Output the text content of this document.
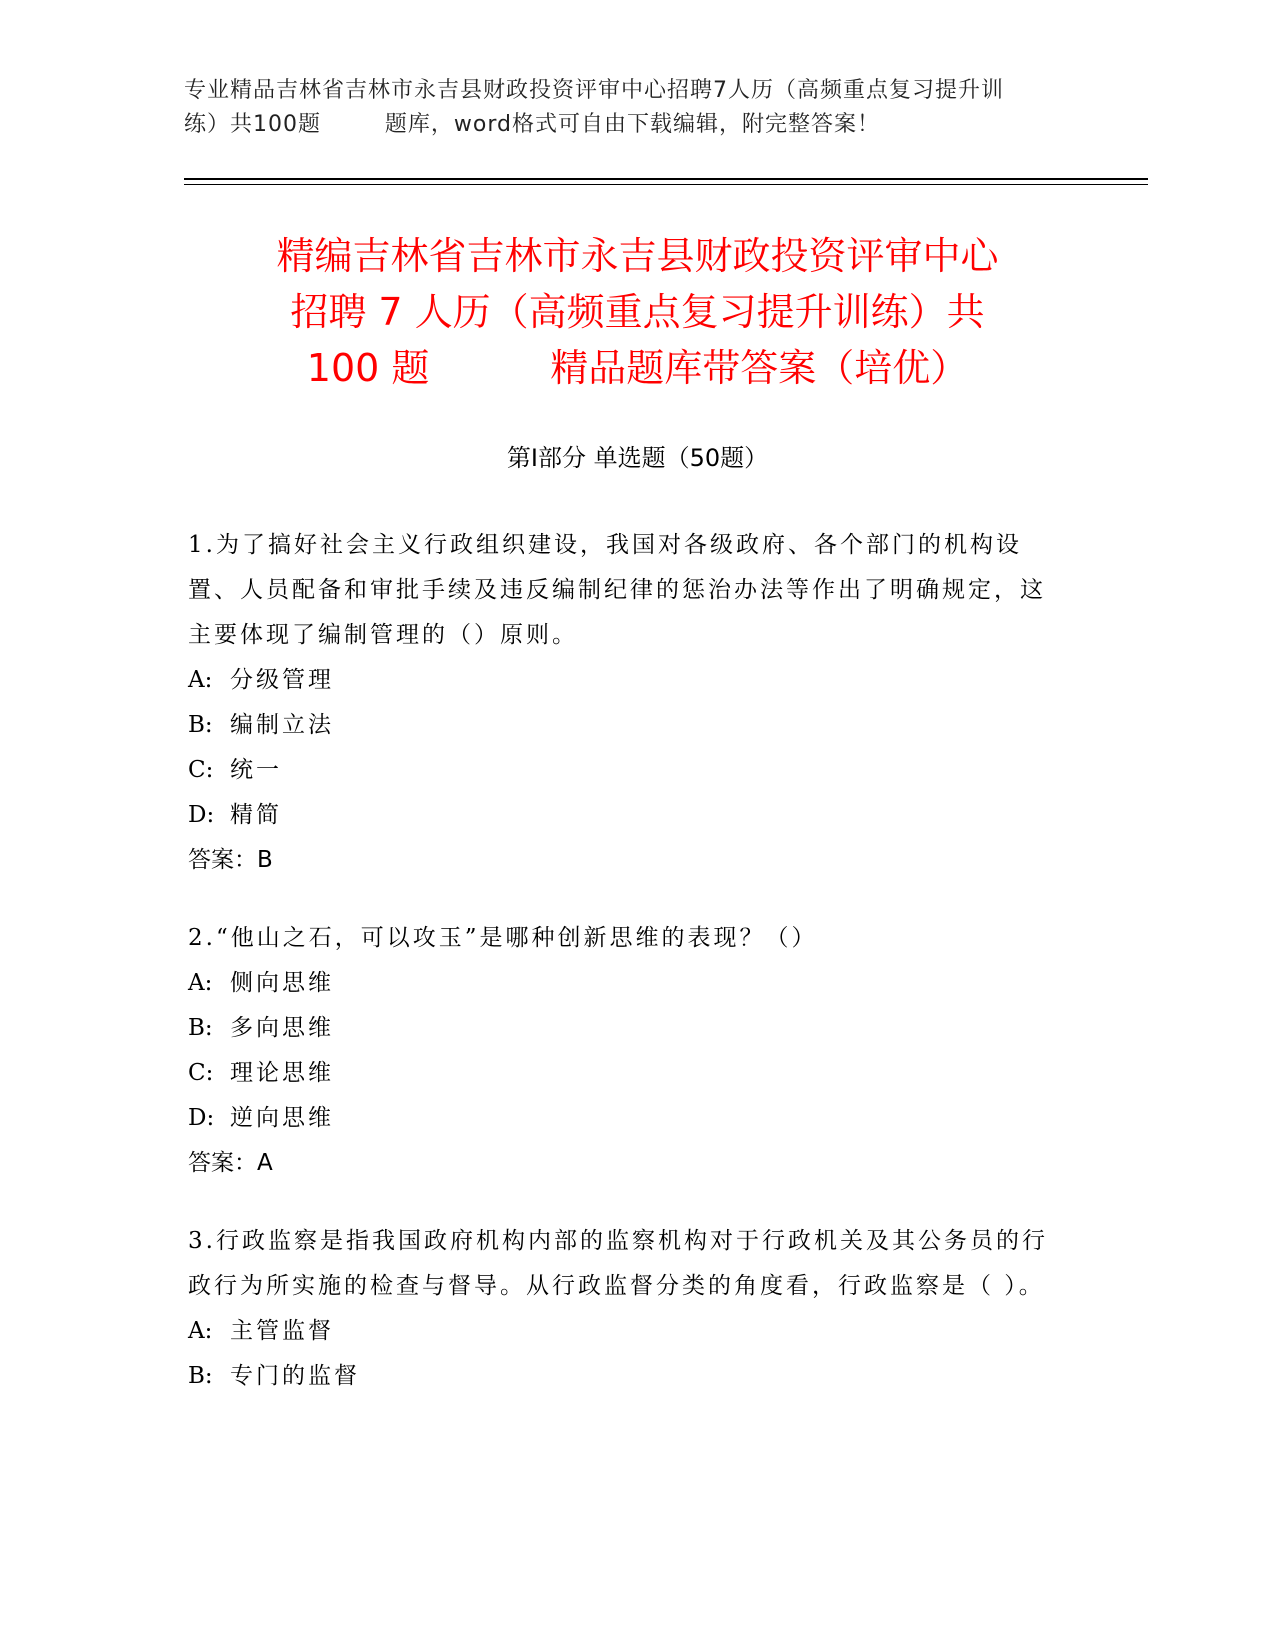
专业精品吉林省吉林市永吉县财政投资评审中心招聘7人历（高频重点复习提升训
练）共100题        题库，word格式可自由下载编辑，附完整答案！
精编吉林省吉林市永吉县财政投资评审中心
招聘 7 人历（高频重点复习提升训练）共
100 题          精品题库带答案（培优）
第Ⅰ部分 单选题（50题）
1.为了搞好社会主义行政组织建设，我国对各级政府、各个部门的机构设置、人员配备和审批手续及违反编制纪律的惩治办法等作出了明确规定，这主要体现了编制管理的（）原则。
A: 分级管理
B: 编制立法
C: 统一
D: 精简
答案：B
2.“他山之石，可以攻玉”是哪种创新思维的表现？（）
A: 侧向思维
B: 多向思维
C: 理论思维
D: 逆向思维
答案：A
3.行政监察是指我国政府机构内部的监察机构对于行政机关及其公务员的行政行为所实施的检查与督导。从行政监督分类的角度看，行政监察是（ ）。
A: 主管监督
B: 专门的监督
